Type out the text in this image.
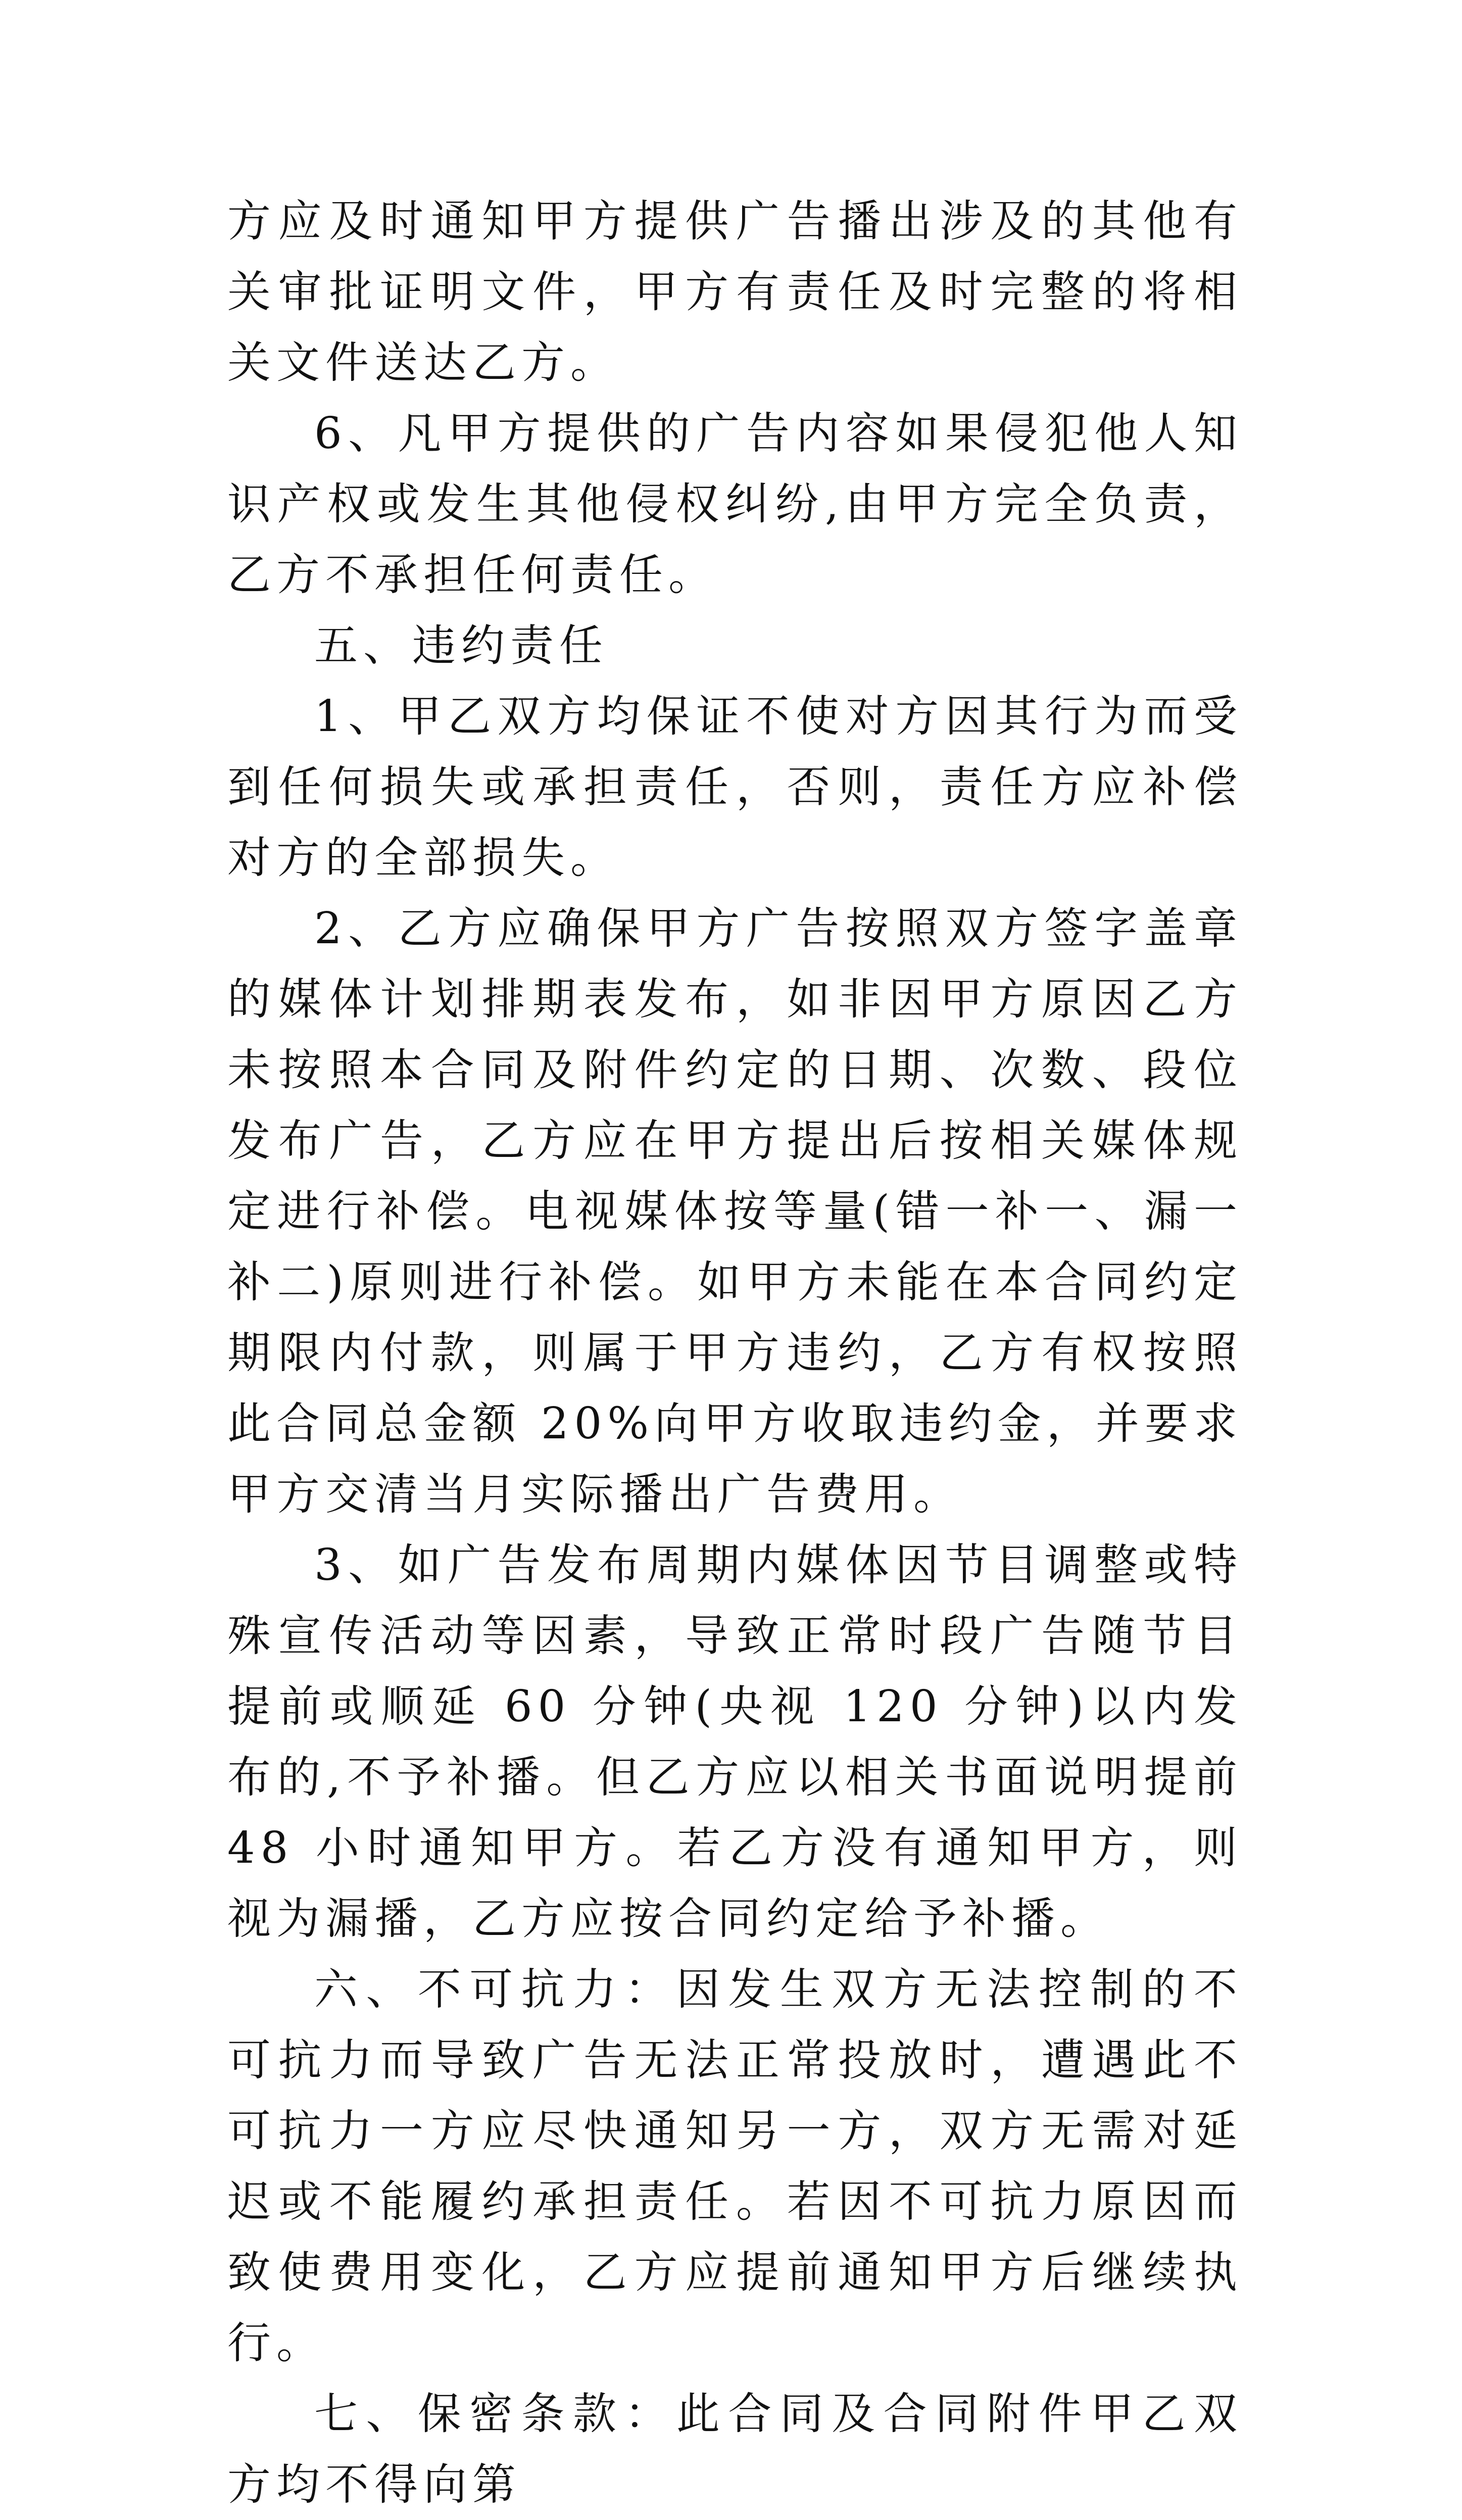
方应及时通知甲方提供广告播出涉及的其他有关审批证明文件，甲方有责任及时完整的将相关文件送达乙方。

6、凡甲方提供的广告内容如果侵犯他人知识产权或发生其他侵权纠纷,由甲方完全负责，乙方不承担任何责任。

五、违约责任

1、甲乙双方均保证不使对方因其行为而受到任何损失或承担责任，否则，责任方应补偿对方的全部损失。

2、乙方应确保甲方广告按照双方签字盖章的媒体计划排期表发布，如非因甲方原因乙方未按照本合同及附件约定的日期、次数、段位发布广告，乙方应在甲方提出后按相关媒体规定进行补偿。电视媒体按等量(错一补一、漏一补二)原则进行补偿。如甲方未能在本合同约定期限内付款，则属于甲方违约，乙方有权按照此合同总金额 20%向甲方收取违约金，并要求甲方交清当月实际播出广告费用。

3、如广告发布周期内媒体因节目调整或特殊宣传活动等因素，导致正常时段广告随节目提前或顺延 60 分钟(央视 120 分钟)以内发布的,不予补播。但乙方应以相关书面说明提前 48 小时通知甲方。若乙方没有通知甲方，则视为漏播，乙方应按合同约定给予补播。

六、不可抗力：因发生双方无法控制的不可抗力而导致广告无法正常投放时，遭遇此不可抗力一方应尽快通知另一方，双方无需对延迟或不能履约承担责任。若因不可抗力原因而致使费用变化，乙方应提前通知甲方后继续执行。

七、保密条款：此合同及合同附件甲乙双方均不得向第
